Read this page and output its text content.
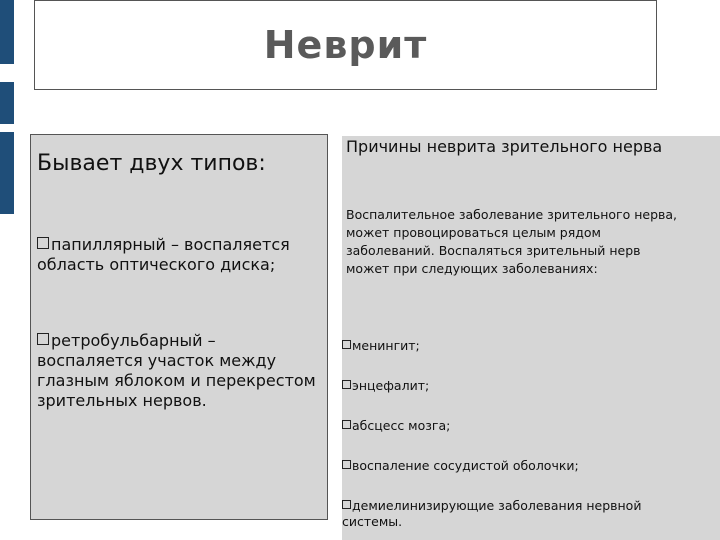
Неврит
Бывает двух типов:
папиллярный – воспаляется область оптического диска;
ретробульбарный – воспаляется участок между глазным яблоком и перекрестом зрительных нервов.
Причины неврита зрительного нерва
Воспалительное заболевание зрительного нерва, может провоцироваться целым рядом заболеваний. Воспаляться зрительный нерв может при следующих заболеваниях:
менингит;
энцефалит;
абсцесс мозга;
воспаление сосудистой оболочки;
демиелинизирующие заболевания нервной системы.
